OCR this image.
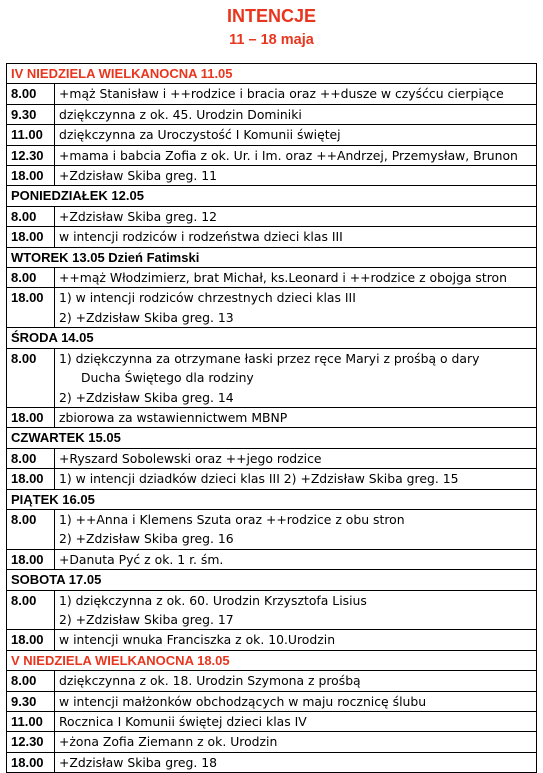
INTENCJE
11 – 18 maja
IV NIEDZIELA WIELKANOCNA 11.05	
8.00	+mąż Stanisław i ++rodzice i bracia oraz ++dusze w czyśćcu cierpiące

9.30	dziękczynna z ok. 45. Urodzin Dominiki

11.00	dziękczynna za Uroczystość I Komunii świętej

12.30	+mama i babcia Zofia z ok. Ur. i Im. oraz ++Andrzej, Przemysław, Brunon

18.00	+Zdzisław Skiba greg. 11

PONIEDZIAŁEK 12.05	
8.00	+Zdzisław Skiba greg. 12

18.00	w intencji rodziców i rodzeństwa dzieci klas III

WTOREK 13.05 Dzień Fatimski	
8.00	++mąż Włodzimierz, brat Michał, ks.Leonard i ++rodzice z obojga stron

18.00	1) w intencji rodziców chrzestnych dzieci klas III
2) +Zdzisław Skiba greg. 13

ŚRODA 14.05	
8.00	1) dziękczynna za otrzymane łaski przez ręce Maryi z prośbą o dary
Ducha Świętego dla rodziny
2) +Zdzisław Skiba greg. 14

18.00	zbiorowa za wstawiennictwem MBNP

CZWARTEK 15.05	
8.00	+Ryszard Sobolewski oraz ++jego rodzice

18.00	1) w intencji dziadków dzieci klas III 2) +Zdzisław Skiba greg. 15

PIĄTEK 16.05	
8.00	1) ++Anna i Klemens Szuta oraz ++rodzice z obu stron
2) +Zdzisław Skiba greg. 16

18.00	+Danuta Pyć z ok. 1 r. śm.

SOBOTA 17.05	
8.00	1) dziękczynna z ok. 60. Urodzin Krzysztofa Lisius
2) +Zdzisław Skiba greg. 17

18.00	w intencji wnuka Franciszka z ok. 10.Urodzin

V NIEDZIELA WIELKANOCNA 18.05	
8.00	dziękczynna z ok. 18. Urodzin Szymona z prośbą

9.30	w intencji małżonków obchodzących w maju rocznicę ślubu

11.00	Rocznica I Komunii świętej dzieci klas IV

12.30	+żona Zofia Ziemann z ok. Urodzin

18.00	+Zdzisław Skiba greg. 18
